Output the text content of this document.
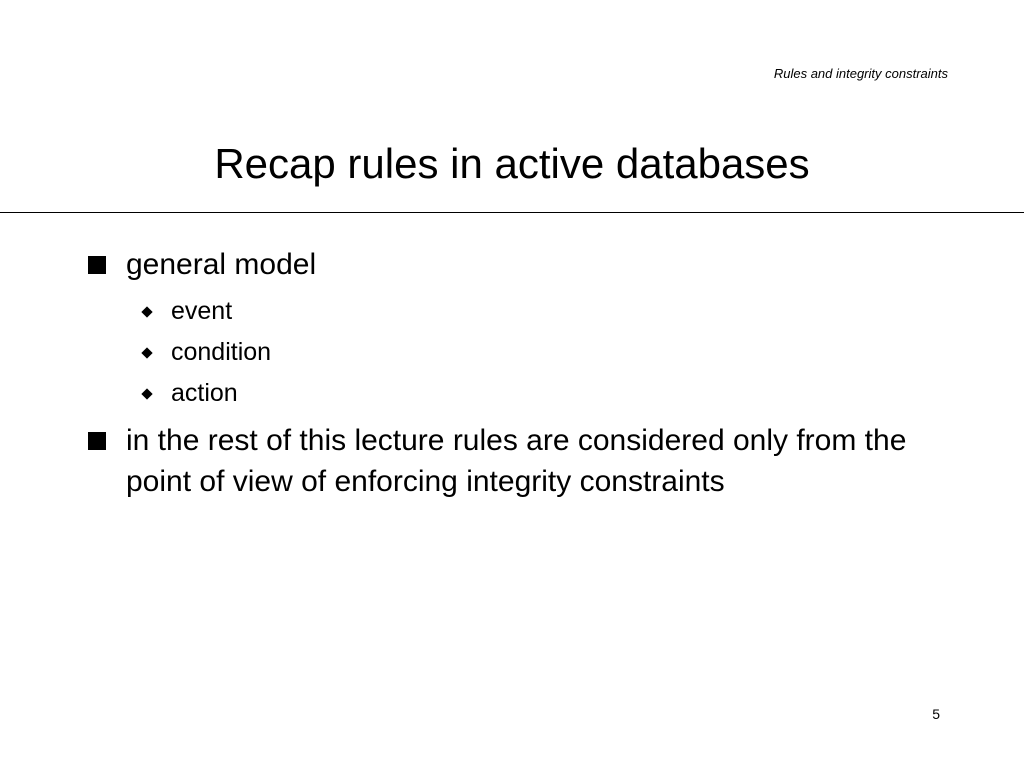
Rules and integrity constraints
Recap rules in active databases
general model
event
condition
action
in the rest of this lecture rules are considered only from the point of view of enforcing integrity constraints
5
